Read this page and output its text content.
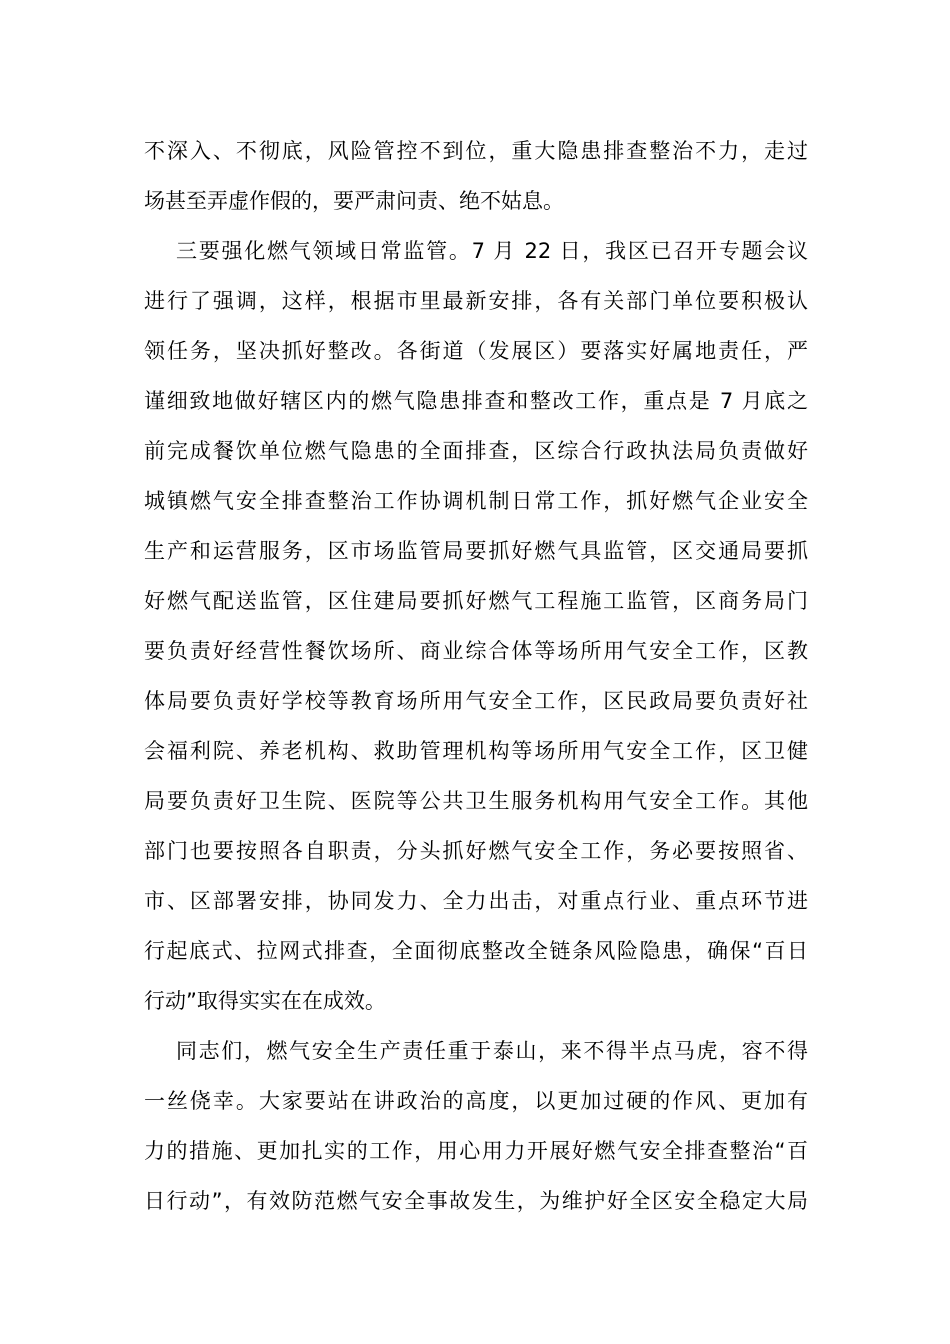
不深入、不彻底，风险管控不到位，重大隐患排查整治不力，走过
场甚至弄虚作假的，要严肃问责、绝不姑息。
三要强化燃气领域日常监管。7 月 22 日，我区已召开专题会议
进行了强调，这样，根据市里最新安排，各有关部门单位要积极认
领任务，坚决抓好整改。各街道（发展区）要落实好属地责任，严
谨细致地做好辖区内的燃气隐患排查和整改工作，重点是 7 月底之
前完成餐饮单位燃气隐患的全面排查，区综合行政执法局负责做好
城镇燃气安全排查整治工作协调机制日常工作，抓好燃气企业安全
生产和运营服务，区市场监管局要抓好燃气具监管，区交通局要抓
好燃气配送监管，区住建局要抓好燃气工程施工监管，区商务局门
要负责好经营性餐饮场所、商业综合体等场所用气安全工作，区教
体局要负责好学校等教育场所用气安全工作，区民政局要负责好社
会福利院、养老机构、救助管理机构等场所用气安全工作，区卫健
局要负责好卫生院、医院等公共卫生服务机构用气安全工作。其他
部门也要按照各自职责，分头抓好燃气安全工作，务必要按照省、
市、区部署安排，协同发力、全力出击，对重点行业、重点环节进
行起底式、拉网式排查，全面彻底整改全链条风险隐患，确保“百日
行动”取得实实在在成效。
同志们，燃气安全生产责任重于泰山，来不得半点马虎，容不得
一丝侥幸。大家要站在讲政治的高度，以更加过硬的作风、更加有
力的措施、更加扎实的工作，用心用力开展好燃气安全排查整治“百
日行动”，有效防范燃气安全事故发生，为维护好全区安全稳定大局
